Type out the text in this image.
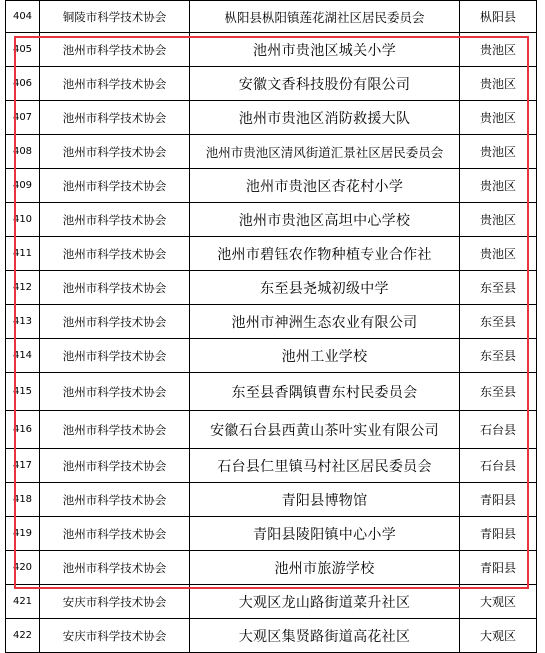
404	铜陵市科学技术协会	枞阳县枞阳镇莲花湖社区居民委员会	枞阳县
405	池州市科学技术协会	池州市贵池区城关小学	贵池区
406	池州市科学技术协会	安徽文香科技股份有限公司	贵池区
407	池州市科学技术协会	池州市贵池区消防救援大队	贵池区
408	池州市科学技术协会	池州市贵池区清风街道汇景社区居民委员会	贵池区
409	池州市科学技术协会	池州市贵池区杏花村小学	贵池区
410	池州市科学技术协会	池州市贵池区高坦中心学校	贵池区
411	池州市科学技术协会	池州市碧钰农作物种植专业合作社	贵池区
412	池州市科学技术协会	东至县尧城初级中学	东至县
413	池州市科学技术协会	池州市神洲生态农业有限公司	东至县
414	池州市科学技术协会	池州工业学校	东至县
415	池州市科学技术协会	东至县香隅镇曹东村民委员会	东至县
416	池州市科学技术协会	安徽石台县西黄山茶叶实业有限公司	石台县
417	池州市科学技术协会	石台县仁里镇马村社区居民委员会	石台县
418	池州市科学技术协会	青阳县博物馆	青阳县
419	池州市科学技术协会	青阳县陵阳镇中心小学	青阳县
420	池州市科学技术协会	池州市旅游学校	青阳县
421	安庆市科学技术协会	大观区龙山路街道菜升社区	大观区
422	安庆市科学技术协会	大观区集贤路街道高花社区	大观区
